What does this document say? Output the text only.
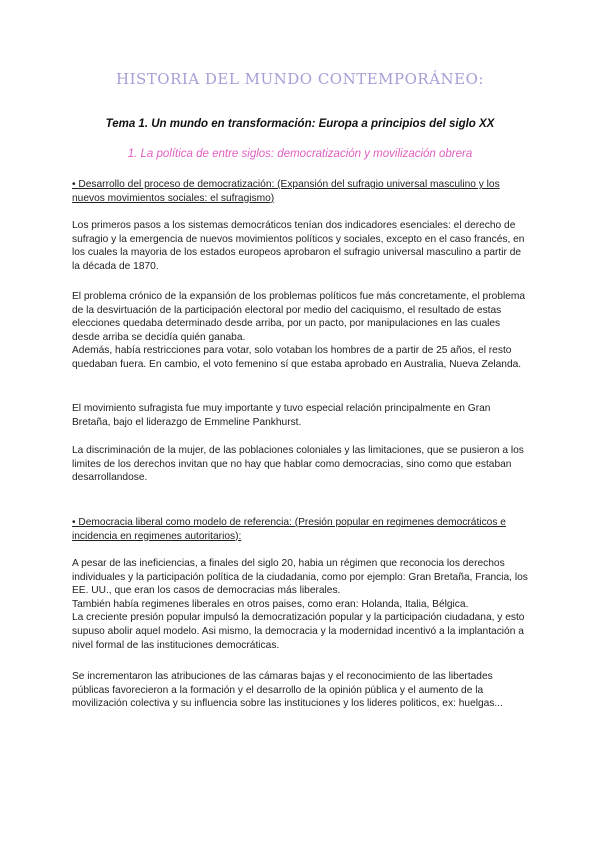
HISTORIA DEL MUNDO CONTEMPORÁNEO:
Tema 1. Un mundo en transformación: Europa a principios del siglo XX
1. La política de entre siglos: democratización y movilización obrera
• Desarrollo del proceso de democratización: (Expansión del sufragio universal masculino y los nuevos movimientos sociales: el sufragismo)

Los primeros pasos a los sistemas democráticos tenían dos indicadores esenciales: el derecho de sufragio y la emergencia de nuevos movimientos políticos y sociales, excepto en el caso francés, en los cuales la mayoria de los estados europeos aprobaron el sufragio universal masculino a partir de la década de 1870.

El problema crónico de la expansión de los problemas políticos fue más concretamente, el problema de la desvirtuación de la participación electoral por medio del caciquismo, el resultado de estas elecciones quedaba determinado desde arriba, por un pacto, por manipulaciones en las cuales desde arriba se decidía quién ganaba.

Además, había restricciones para votar, solo votaban los hombres de a partir de 25 años, el resto quedaban fuera. En cambio, el voto femenino sí que estaba aprobado en Australia, Nueva Zelanda.

El movimiento sufragista fue muy importante y tuvo especial relación principalmente en Gran Bretaña, bajo el liderazgo de Emmeline Pankhurst.

La discriminación de la mujer, de las poblaciones coloniales y las limitaciones, que se pusieron a los limites de los derechos invitan que no hay que hablar como democracias, sino como que estaban desarrollandose.

• Democracia liberal como modelo de referencia: (Presión popular en regimenes democráticos e incidencia en regimenes autoritarios):

A pesar de las ineficiencias, a finales del siglo 20, habia un régimen que reconocia los derechos individuales y la participación política de la ciudadania, como por ejemplo: Gran Bretaña, Francia, los EE. UU., que eran los casos de democracias más liberales.

También había regimenes liberales en otros paises, como eran: Holanda, Italia, Bélgica.

La creciente presión popular impulsó la democratización popular y la participación ciudadana, y esto supuso abolir aquel modelo. Asi mismo, la democracia y la modernidad incentivó a la implantación a nivel formal de las instituciones democráticas.

Se incrementaron las atribuciones de las cámaras bajas y el reconocimiento de las libertades públicas favorecieron a la formación y el desarrollo de la opinión pública y el aumento de la movilización colectiva y su influencia sobre las instituciones y los lideres politicos, ex: huelgas...
